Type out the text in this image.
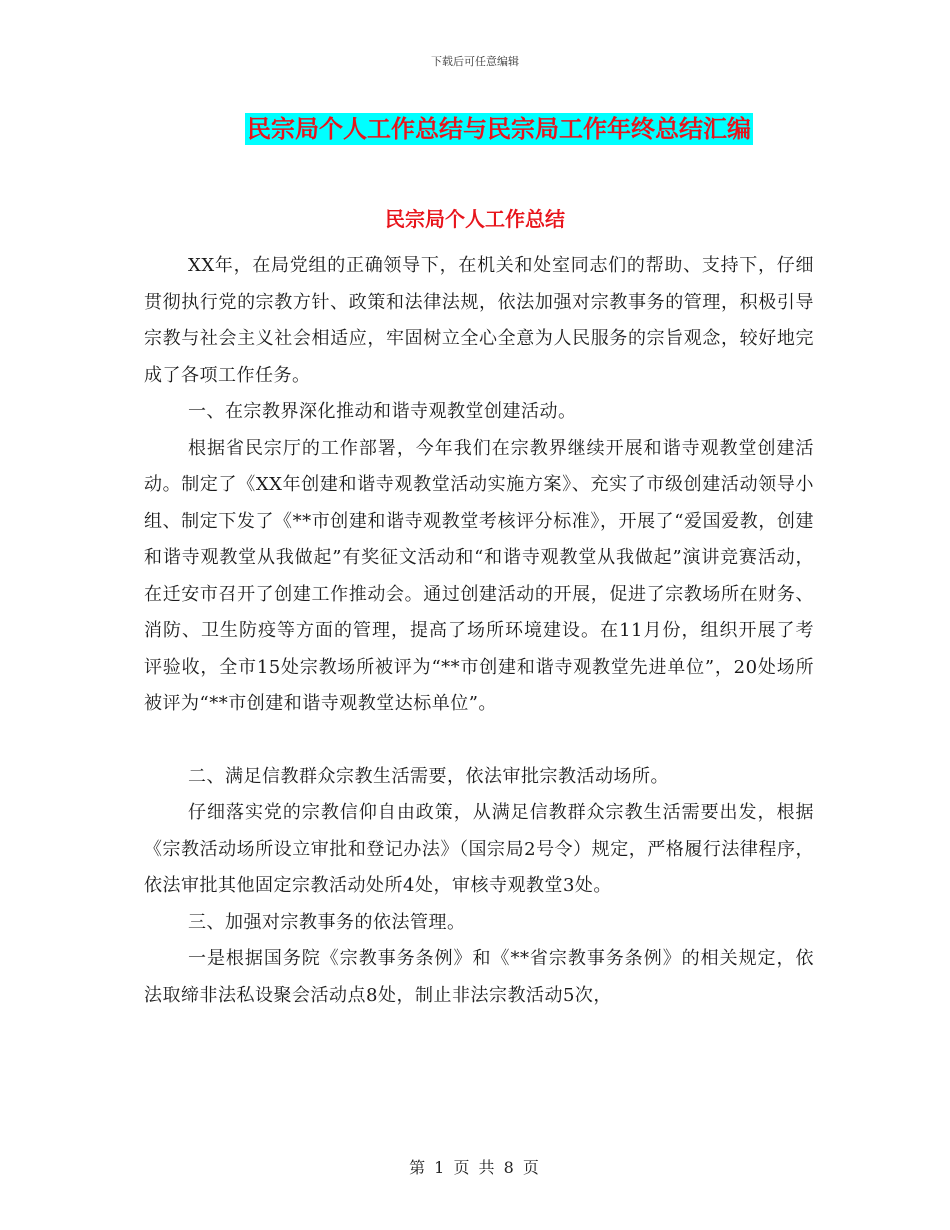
下载后可任意编辑
民宗局个人工作总结与民宗局工作年终总结汇编
民宗局个人工作总结

XX年，在局党组的正确领导下，在机关和处室同志们的帮助、支持下，仔细贯彻执行党的宗教方针、政策和法律法规，依法加强对宗教事务的管理，积极引导宗教与社会主义社会相适应，牢固树立全心全意为人民服务的宗旨观念，较好地完成了各项工作任务。

一、在宗教界深化推动和谐寺观教堂创建活动。

根据省民宗厅的工作部署，今年我们在宗教界继续开展和谐寺观教堂创建活动。制定了《XX年创建和谐寺观教堂活动实施方案》、充实了市级创建活动领导小组、制定下发了《**市创建和谐寺观教堂考核评分标准》，开展了“爱国爱教，创建和谐寺观教堂从我做起”有奖征文活动和“和谐寺观教堂从我做起”演讲竞赛活动，在迁安市召开了创建工作推动会。通过创建活动的开展，促进了宗教场所在财务、消防、卫生防疫等方面的管理，提高了场所环境建设。在11月份，组织开展了考评验收，全市15处宗教场所被评为“**市创建和谐寺观教堂先进单位”，20处场所被评为“**市创建和谐寺观教堂达标单位”。

二、满足信教群众宗教生活需要，依法审批宗教活动场所。

仔细落实党的宗教信仰自由政策，从满足信教群众宗教生活需要出发，根据《宗教活动场所设立审批和登记办法》（国宗局2号令）规定，严格履行法律程序，依法审批其他固定宗教活动处所4处，审核寺观教堂3处。

三、加强对宗教事务的依法管理。

一是根据国务院《宗教事务条例》和《**省宗教事务条例》的相关规定，依法取缔非法私设聚会活动点8处，制止非法宗教活动5次，

第 1 页 共 8 页
